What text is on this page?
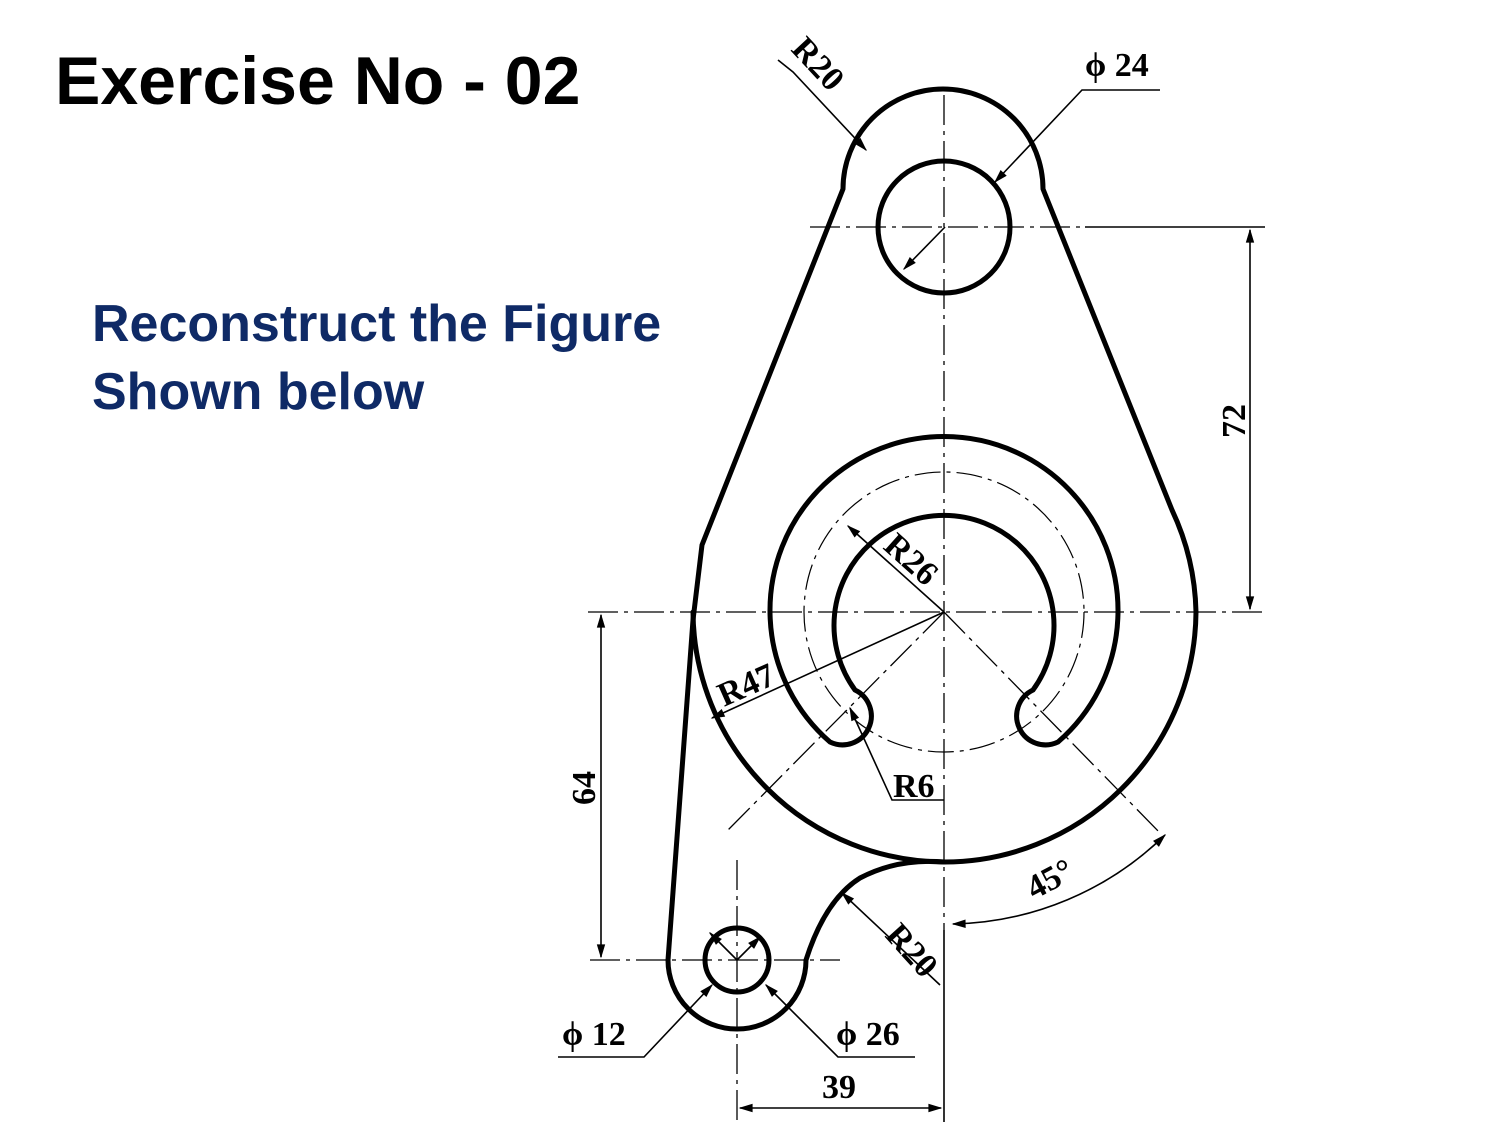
Exercise No - 02
Reconstruct the Figure
Shown below
R20	ϕ 24
72
R26
R47
R6
64
45°
R20
ϕ 12	ϕ 26
39
